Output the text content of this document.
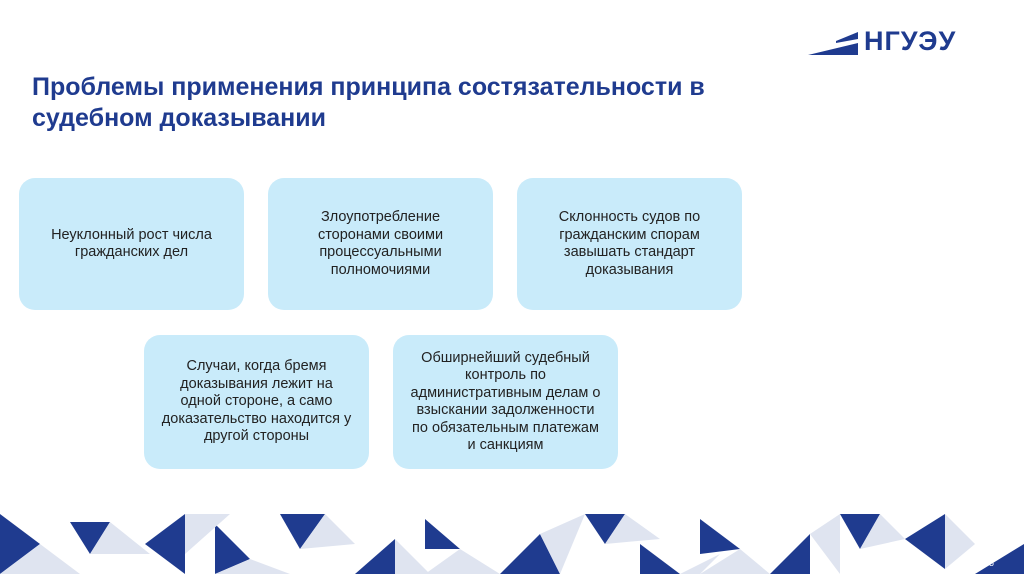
НГУЭУ
Проблемы применения принципа состязательности в судебном доказывании
Неуклонный рост числа гражданских дел
Злоупотребление сторонами своими процессуальными полномочиями
Склонность судов по гражданским спорам завышать стандарт доказывания
Случаи, когда бремя доказывания лежит на одной стороне, а само доказательство находится у другой стороны
Обширнейший судебный контроль по административным делам о взыскании задолженности по обязательным платежам и санкциям
5
